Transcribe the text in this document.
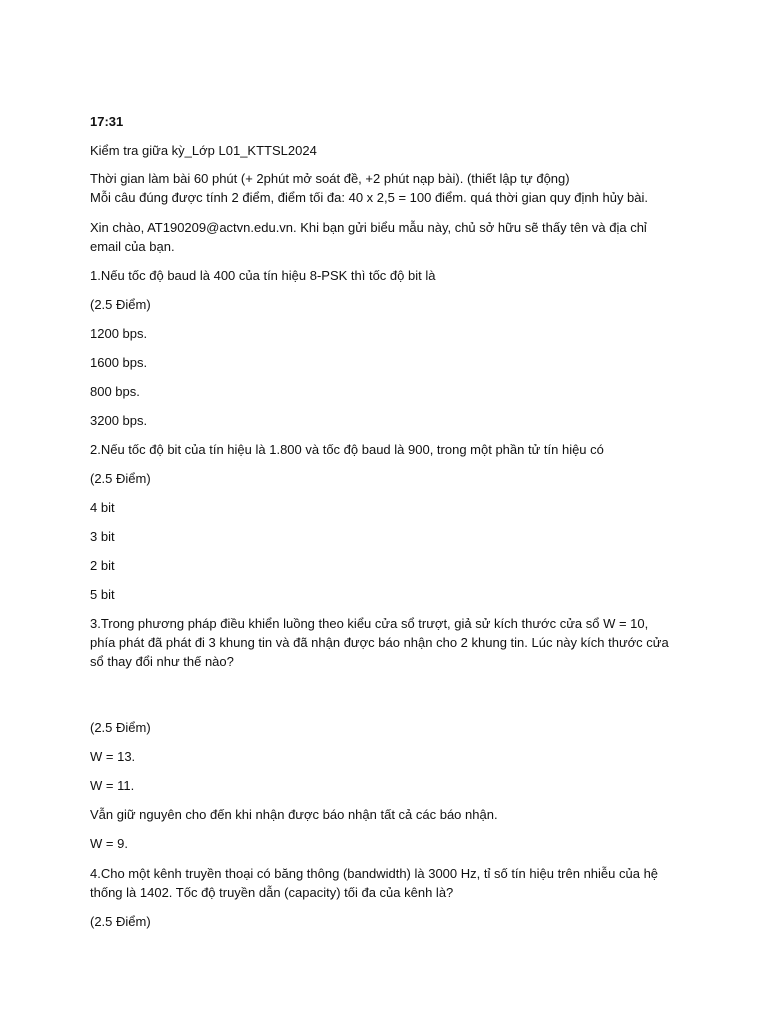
17:31

Kiểm tra giữa kỳ_Lớp L01_KTTSL2024

Thời gian làm bài 60 phút (+ 2phút mở soát đề, +2 phút nạp bài). (thiết lập tự động)
Mỗi câu đúng được tính 2 điểm, điểm tối đa: 40 x 2,5 = 100 điểm. quá thời gian quy định hủy bài.

Xin chào, AT190209@actvn.edu.vn. Khi bạn gửi biểu mẫu này, chủ sở hữu sẽ thấy tên và địa chỉ email của bạn.

1.Nếu tốc độ baud là 400 của tín hiệu 8-PSK thì tốc độ bit là

(2.5 Điểm)

1200 bps.

1600 bps.

800 bps.

3200 bps.

2.Nếu tốc độ bit của tín hiệu là 1.800 và tốc độ baud là 900, trong một phần tử tín hiệu có

(2.5 Điểm)

4 bit

3 bit

2 bit

5 bit

3.Trong phương pháp điều khiển luồng theo kiểu cửa sổ trượt, giả sử kích thước cửa sổ W = 10, phía phát đã phát đi 3 khung tin và đã nhận được báo nhận cho 2 khung tin. Lúc này kích thước cửa sổ thay đổi như thế nào?

(2.5 Điểm)

W = 13.

W = 11.

Vẫn giữ nguyên cho đến khi nhận được báo nhận tất cả các báo nhận.

W = 9.

4.Cho một kênh truyền thoại có băng thông (bandwidth) là 3000 Hz, tỉ số tín hiệu trên nhiễu của hệ thống là 1402. Tốc độ truyền dẫn (capacity) tối đa của kênh là?

(2.5 Điểm)
